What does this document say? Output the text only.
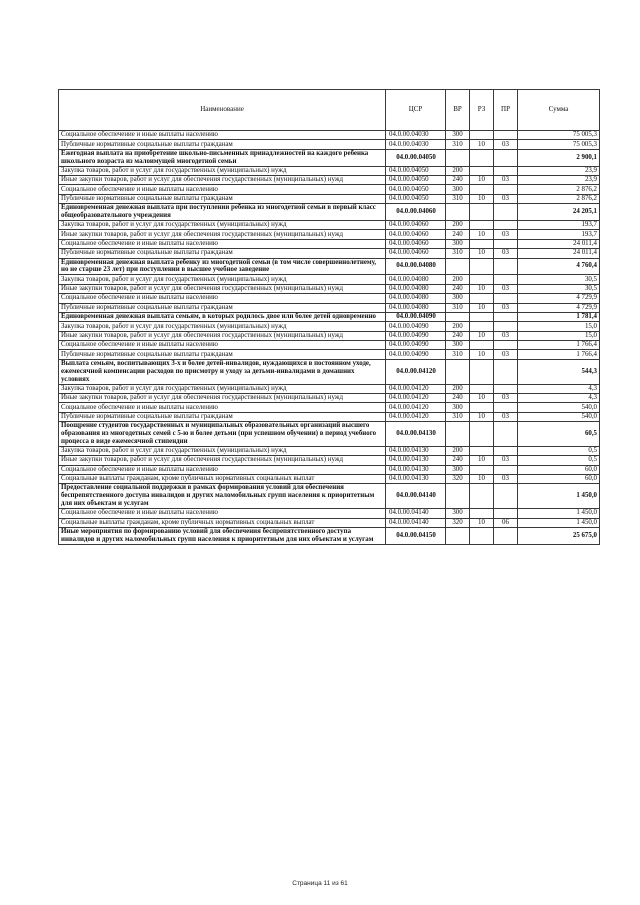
Наименование	ЦСР	ВР	РЗ	ПР	Сумма
Социальное обеспечение и иные выплаты населению	04.0.00.04030	300			75 005,3
Публичные нормативные социальные выплаты гражданам	04.0.00.04030	310	10	03	75 005,3
Ежегодная выплата на приобретение школьно-письменных принадлежностей на каждого ребенка школьного возраста из малоимущей многодетной семьи	04.0.00.04050				2 900,1
Закупка товаров, работ и услуг для государственных (муниципальных) нужд	04.0.00.04050	200			23,9
Иные закупки товаров, работ и услуг для обеспечения государственных (муниципальных) нужд	04.0.00.04050	240	10	03	23,9
Социальное обеспечение и иные выплаты населению	04.0.00.04050	300			2 876,2
Публичные нормативные социальные выплаты гражданам	04.0.00.04050	310	10	03	2 876,2
Единовременная денежная выплата при поступлении ребенка из многодетной семьи в первый класс общеобразовательного учреждения	04.0.00.04060				24 205,1
Закупка товаров, работ и услуг для государственных (муниципальных) нужд	04.0.00.04060	200			193,7
Иные закупки товаров, работ и услуг для обеспечения государственных (муниципальных) нужд	04.0.00.04060	240	10	03	193,7
Социальное обеспечение и иные выплаты населению	04.0.00.04060	300			24 011,4
Публичные нормативные социальные выплаты гражданам	04.0.00.04060	310	10	03	24 011,4
Единовременная денежная выплата ребенку из многодетной семьи (в том числе совершеннолетнему, но не старше 23 лет) при поступлении в высшее учебное заведение	04.0.00.04080				4 760,4
Закупка товаров, работ и услуг для государственных (муниципальных) нужд	04.0.00.04080	200			30,5
Иные закупки товаров, работ и услуг для обеспечения государственных (муниципальных) нужд	04.0.00.04080	240	10	03	30,5
Социальное обеспечение и иные выплаты населению	04.0.00.04080	300			4 729,9
Публичные нормативные социальные выплаты гражданам	04.0.00.04080	310	10	03	4 729,9
Единовременная денежная выплата семьям, в которых родилось двое или более детей одновременно	04.0.00.04090				1 781,4
Закупка товаров, работ и услуг для государственных (муниципальных) нужд	04.0.00.04090	200			15,0
Иные закупки товаров, работ и услуг для обеспечения государственных (муниципальных) нужд	04.0.00.04090	240	10	03	15,0
Социальное обеспечение и иные выплаты населению	04.0.00.04090	300			1 766,4
Публичные нормативные социальные выплаты гражданам	04.0.00.04090	310	10	03	1 766,4
Выплата семьям, воспитывающих 3-х и более детей-инвалидов, нуждающихся в постоянном уходе, ежемесячной компенсации расходов по присмотру и уходу за детьми-инвалидами в домашних условиях	04.0.00.04120				544,3
Закупка товаров, работ и услуг для государственных (муниципальных) нужд	04.0.00.04120	200			4,3
Иные закупки товаров, работ и услуг для обеспечения государственных (муниципальных) нужд	04.0.00.04120	240	10	03	4,3
Социальное обеспечение и иные выплаты населению	04.0.00.04120	300			540,0
Публичные нормативные социальные выплаты гражданам	04.0.00.04120	310	10	03	540,0
Поощрение студентов государственных и муниципальных образовательных организаций высшего образования из многодетных семей с 5-ю и более детьми (при успешном обучении) в период учебного процесса в виде ежемесячной стипендии	04.0.00.04130				60,5
Закупка товаров, работ и услуг для государственных (муниципальных) нужд	04.0.00.04130	200			0,5
Иные закупки товаров, работ и услуг для обеспечения государственных (муниципальных) нужд	04.0.00.04130	240	10	03	0,5
Социальное обеспечение и иные выплаты населению	04.0.00.04130	300			60,0
Социальные выплаты гражданам, кроме публичных нормативных социальных выплат	04.0.00.04130	320	10	03	60,0
Предоставление социальной поддержки в рамках формирования условий для обеспечения беспрепятственного доступа инвалидов и других маломобильных групп населения к приоритетным для них объектам и услугам	04.0.00.04140				1 450,0
Социальное обеспечение и иные выплаты населению	04.0.00.04140	300			1 450,0
Социальные выплаты гражданам, кроме публичных нормативных социальных выплат	04.0.00.04140	320	10	06	1 450,0
Иные мероприятия по формированию условий для обеспечения беспрепятственного доступа инвалидов и других маломобильных групп населения к приоритетным для них объектам и услугам	04.0.00.04150				25 675,0
Страница 11 из 61
